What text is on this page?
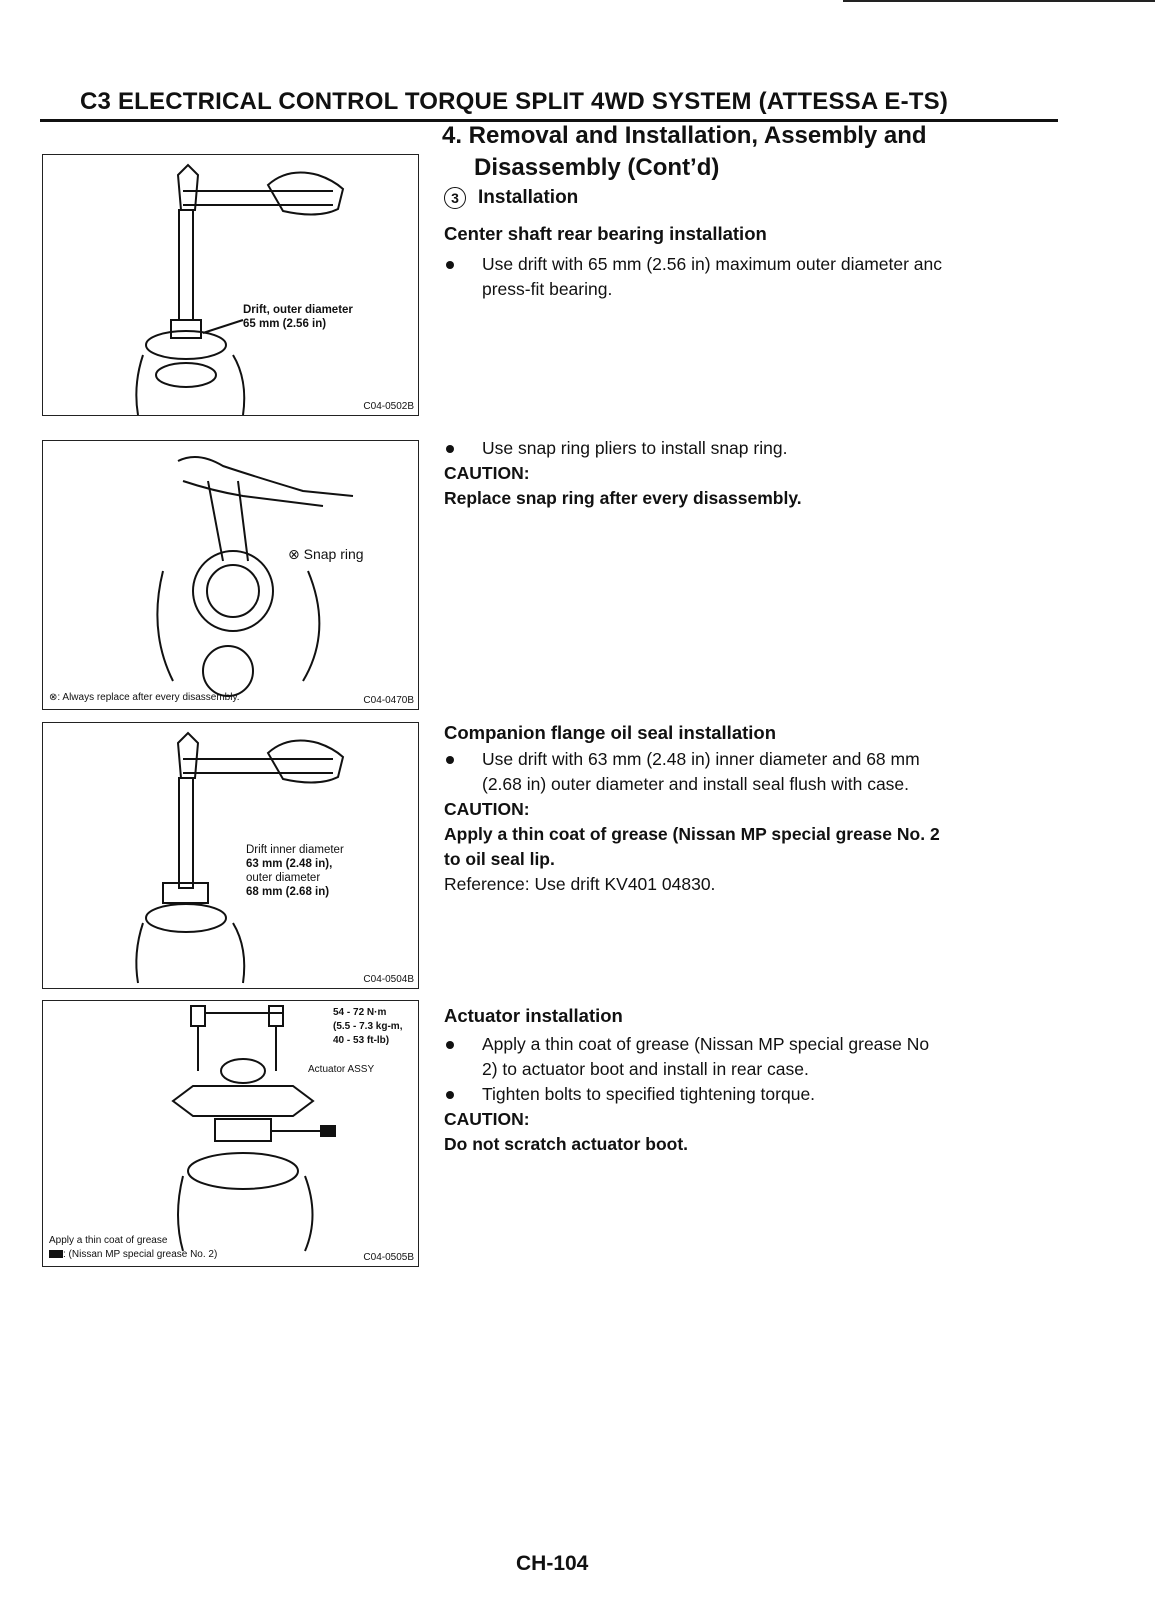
C3 ELECTRICAL CONTROL TORQUE SPLIT 4WD SYSTEM (ATTESSA E-TS)
4. Removal and Installation, Assembly and
Disassembly (Cont’d)
3 Installation
Drift, outer diameter
65 mm (2.56 in)
C04-0502B
⊗ Snap ring
⊗: Always replace after every disassembly.	C04-0470B
Drift inner diameter
63 mm (2.48 in),
outer diameter
68 mm (2.68 in)
C04-0504B
54 - 72 N·m
(5.5 - 7.3 kg-m,
40 - 53 ft-lb)
Actuator ASSY
Apply a thin coat of grease
: (Nissan MP special grease No. 2)	C04-0505B
Center shaft rear bearing installation
Use drift with 65 mm (2.56 in) maximum outer diameter anc
press-fit bearing.
Use snap ring pliers to install snap ring.
CAUTION:
Replace snap ring after every disassembly.
Companion flange oil seal installation
Use drift with 63 mm (2.48 in) inner diameter and 68 mm
(2.68 in) outer diameter and install seal flush with case.
CAUTION:
Apply a thin coat of grease (Nissan MP special grease No. 2
to oil seal lip.
Reference: Use drift KV401 04830.
Actuator installation
Apply a thin coat of grease (Nissan MP special grease No
2) to actuator boot and install in rear case.
Tighten bolts to specified tightening torque.
CAUTION:
Do not scratch actuator boot.
CH-104
